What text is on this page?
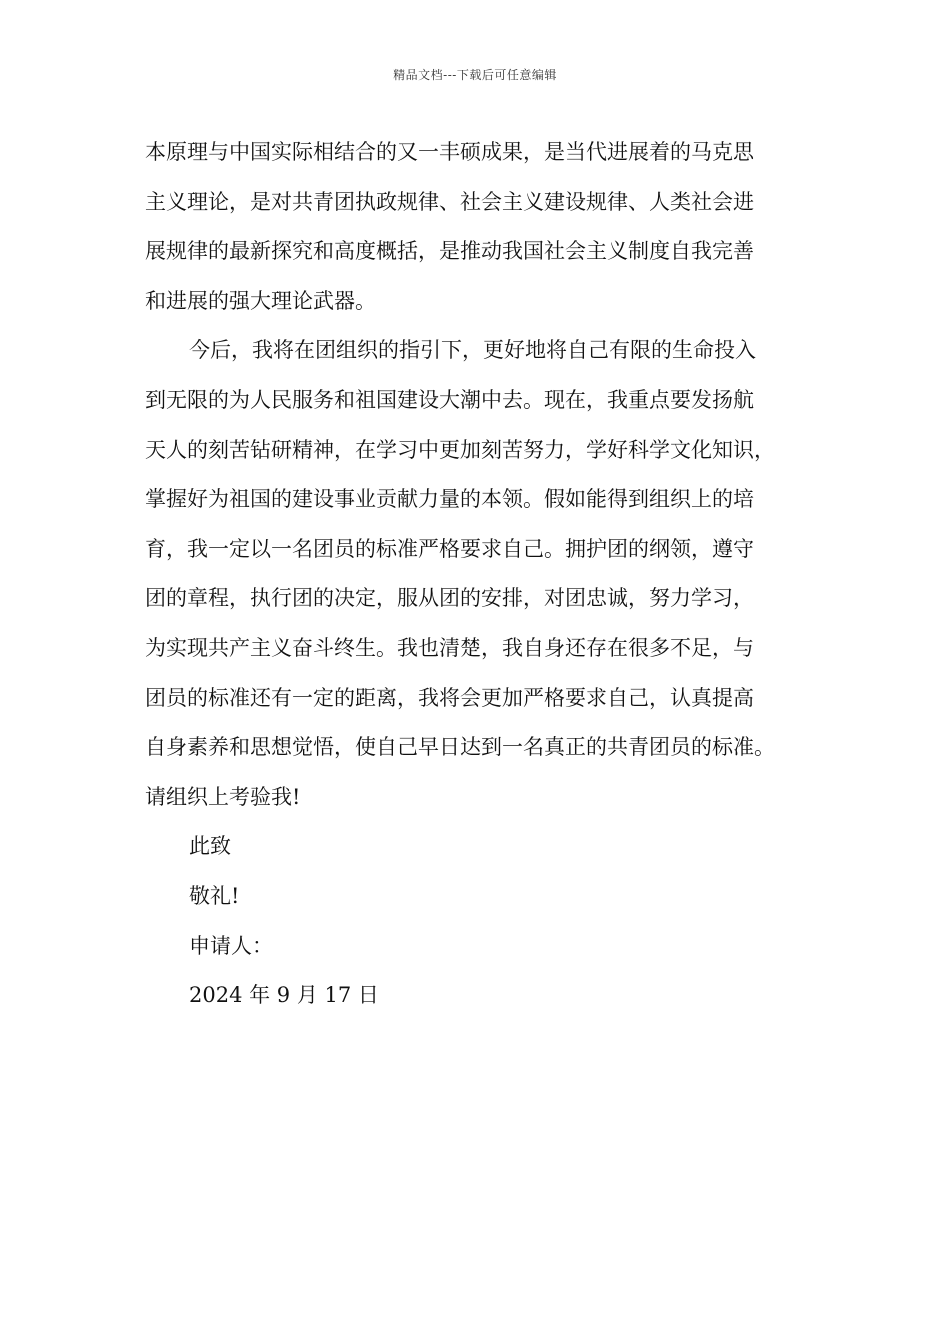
精品文档---下载后可任意编辑
本原理与中国实际相结合的又一丰硕成果，是当代进展着的马克思
主义理论，是对共青团执政规律、社会主义建设规律、人类社会进
展规律的最新探究和高度概括，是推动我国社会主义制度自我完善
和进展的强大理论武器。
今后，我将在团组织的指引下，更好地将自己有限的生命投入
到无限的为人民服务和祖国建设大潮中去。现在，我重点要发扬航
天人的刻苦钻研精神，在学习中更加刻苦努力，学好科学文化知识，
掌握好为祖国的建设事业贡献力量的本领。假如能得到组织上的培
育，我一定以一名团员的标准严格要求自己。拥护团的纲领，遵守
团的章程，执行团的决定，服从团的安排，对团忠诚，努力学习，
为实现共产主义奋斗终生。我也清楚，我自身还存在很多不足，与
团员的标准还有一定的距离，我将会更加严格要求自己，认真提高
自身素养和思想觉悟，使自己早日达到一名真正的共青团员的标准。
请组织上考验我!
此致
敬礼!
申请人：
2024 年 9 月 17 日
